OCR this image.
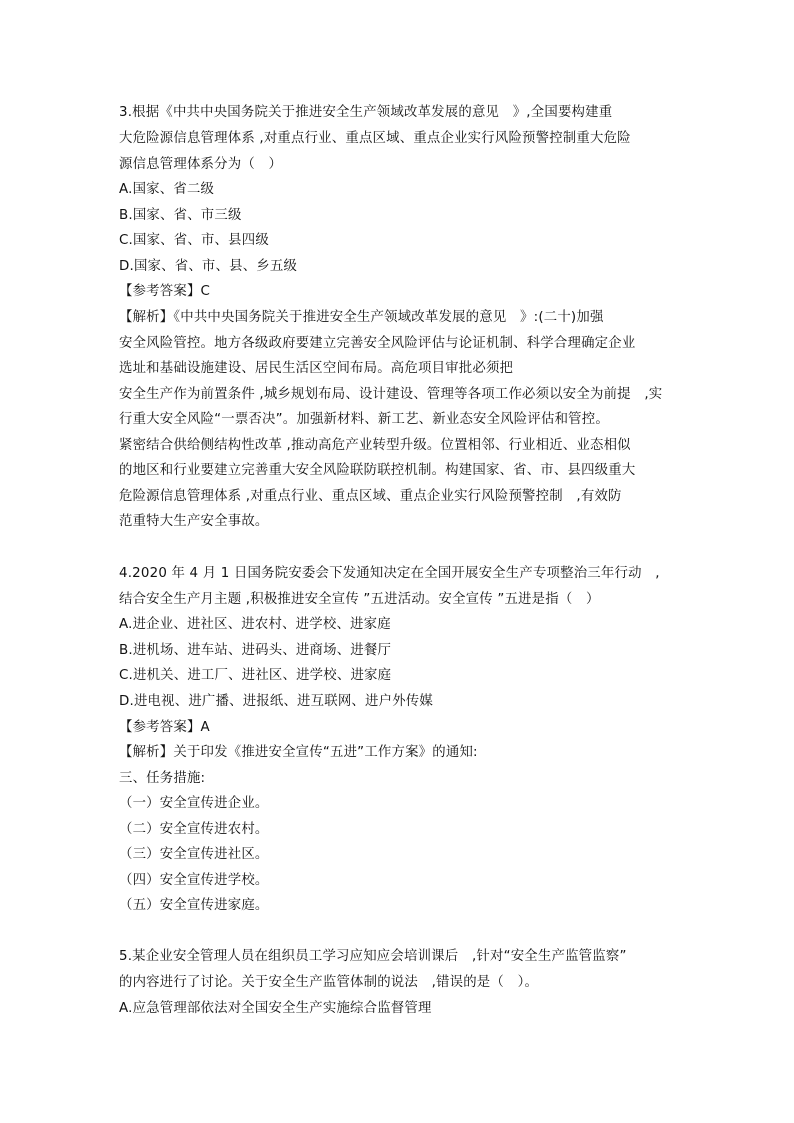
3.根据《中共中央国务院关于推进安全生产领域改革发展的意见　》,全国要构建重
大危险源信息管理体系 ,对重点行业、重点区域、重点企业实行风险预警控制重大危险
源信息管理体系分为（　）
A.国家、省二级
B.国家、省、市三级
C.国家、省、市、县四级
D.国家、省、市、县、乡五级
【参考答案】C
【解析】《中共中央国务院关于推进安全生产领域改革发展的意见　》:(二十)加强
安全风险管控。地方各级政府要建立完善安全风险评估与论证机制、科学合理确定企业
选址和基础设施建设、居民生活区空间布局。高危项目审批必须把
安全生产作为前置条件 ,城乡规划布局、设计建设、管理等各项工作必须以安全为前提　,实
行重大安全风险“一票否决”。加强新材料、新工艺、新业态安全风险评估和管控。
紧密结合供给侧结构性改革 ,推动高危产业转型升级。位置相邻、行业相近、业态相似
的地区和行业要建立完善重大安全风险联防联控机制。构建国家、省、市、县四级重大
危险源信息管理体系 ,对重点行业、重点区域、重点企业实行风险预警控制　,有效防
范重特大生产安全事故。
4.2020 年 4 月 1 日国务院安委会下发通知决定在全国开展安全生产专项整治三年行动　,
结合安全生产月主题 ,积极推进安全宣传 ”五进活动。安全宣传 ”五进是指（　）
A.进企业、进社区、进农村、进学校、进家庭
B.进机场、进车站、进码头、进商场、进餐厅
C.进机关、进工厂、进社区、进学校、进家庭
D.进电视、进广播、进报纸、进互联网、进户外传媒
【参考答案】A
【解析】关于印发《推进安全宣传“五进”工作方案》的通知:
三、任务措施:
（一）安全宣传进企业。
（二）安全宣传进农村。
（三）安全宣传进社区。
（四）安全宣传进学校。
（五）安全宣传进家庭。
5.某企业安全管理人员在组织员工学习应知应会培训课后　,针对“安全生产监管监察”
的内容进行了讨论。关于安全生产监管体制的说法　,错误的是（　）。
A.应急管理部依法对全国安全生产实施综合监督管理
